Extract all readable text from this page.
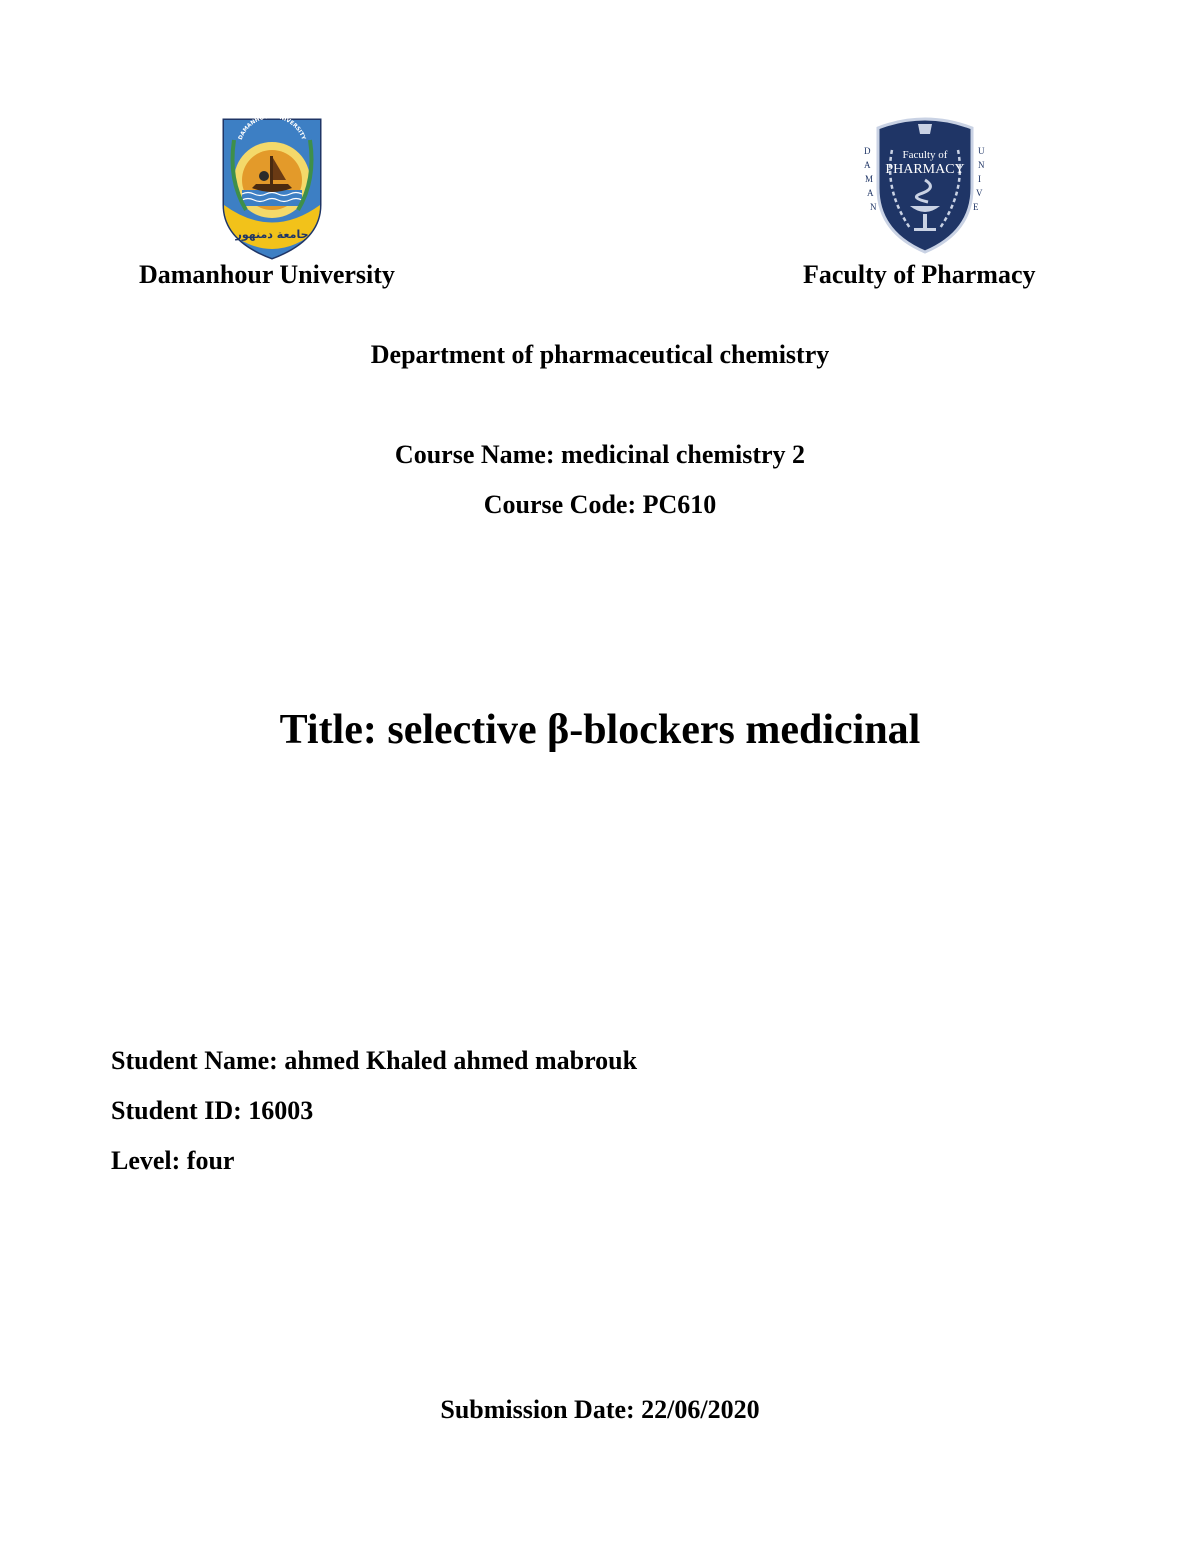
DAMANHOUR UNIVERSITY
جامعة دمنهور
Faculty of
PHARMACY
D
A
M
A
N
U
N
I
V
E
Damanhour University	Faculty of Pharmacy
Department of pharmaceutical chemistry
Course Name: medicinal chemistry 2
Course Code: PC610
Title: selective β-blockers medicinal
Student Name: ahmed Khaled ahmed mabrouk
Student ID: 16003
Level: four
Submission Date: 22/06/2020
